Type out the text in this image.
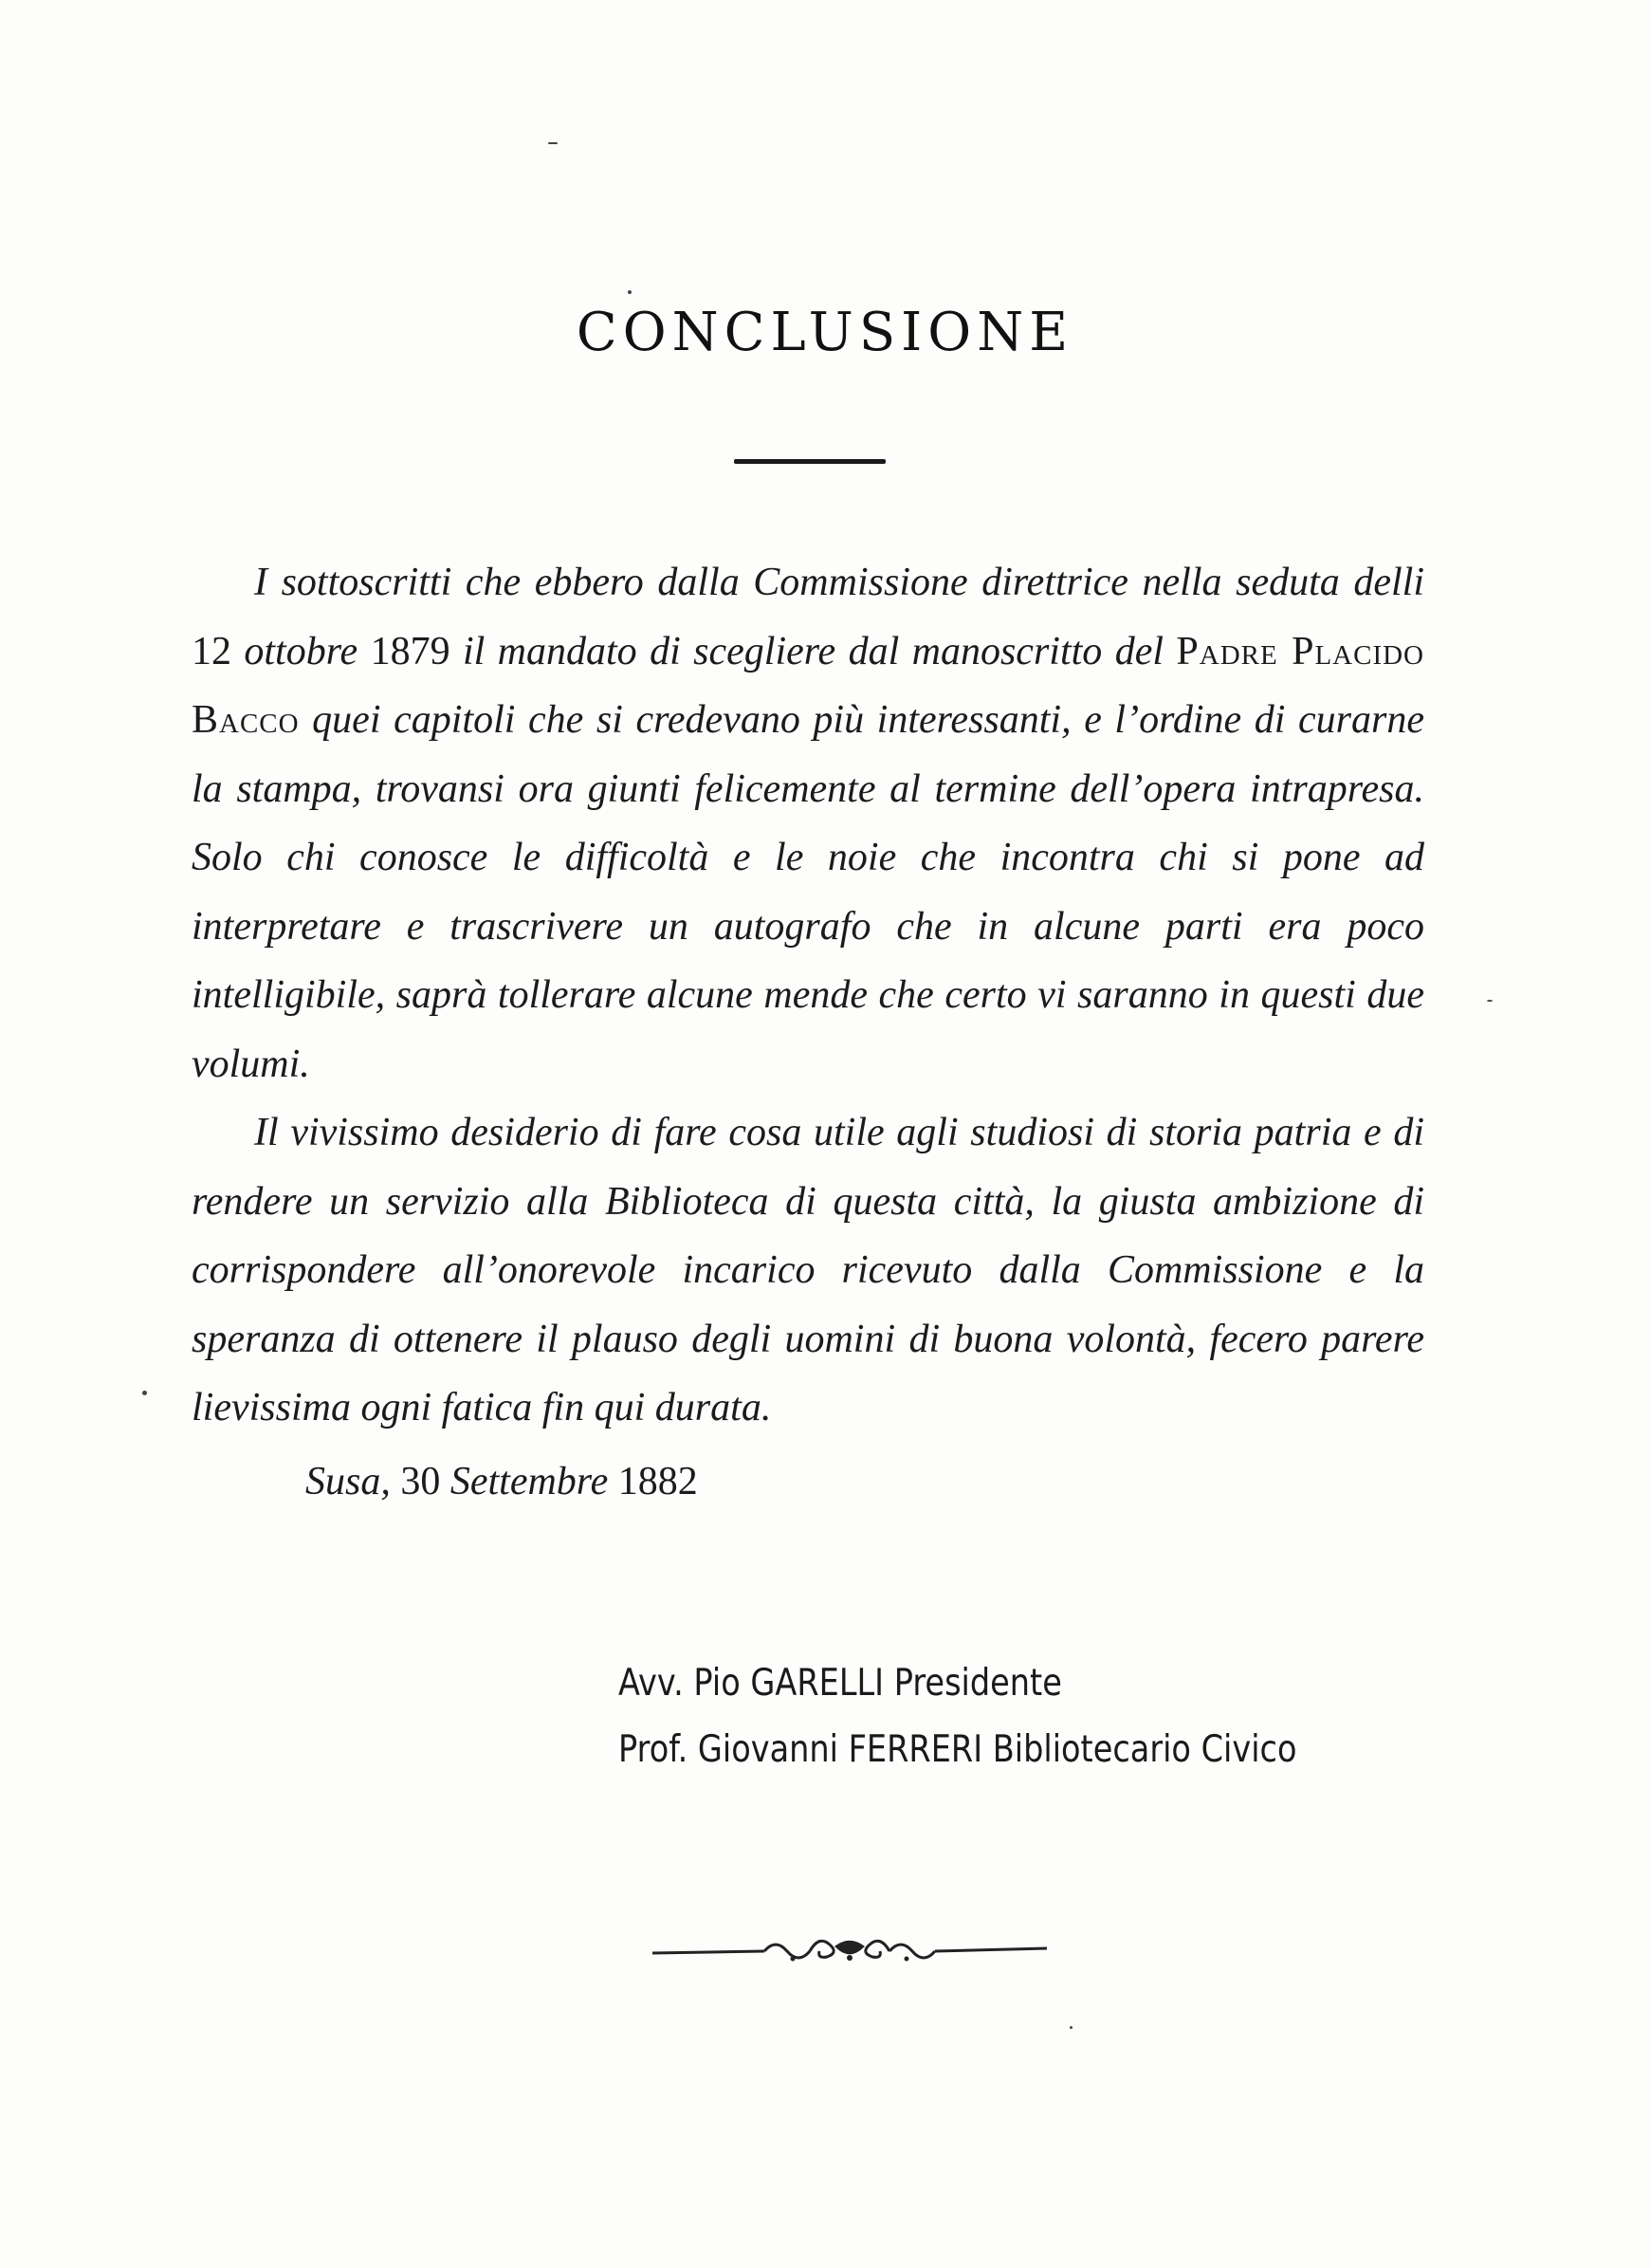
CONCLUSIONE

I sottoscritti che ebbero dalla Commissione direttrice nella seduta delli 12 ottobre 1879 il mandato di scegliere dal manoscritto del Padre Placido Bacco quei capitoli che si credevano più interessanti, e l’ordine di curarne la stampa, trovansi ora giunti felicemente al termine dell’opera intrapresa. Solo chi conosce le difficoltà e le noie che incontra chi si pone ad interpretare e trascrivere un autografo che in alcune parti era poco intelligibile, saprà tollerare alcune mende che certo vi saranno in questi due volumi.

Il vivissimo desiderio di fare cosa utile agli studiosi di storia patria e di rendere un servizio alla Biblioteca di questa città, la giusta ambizione di corrispondere all’onorevole incarico ricevuto dalla Commissione e la speranza di ottenere il plauso degli uomini di buona volontà, fecero parere lievissima ogni fatica fin qui durata.

Susa, 30 Settembre 1882
Avv. Pio GARELLI Presidente
Prof. Giovanni FERRERI Bibliotecario Civico
